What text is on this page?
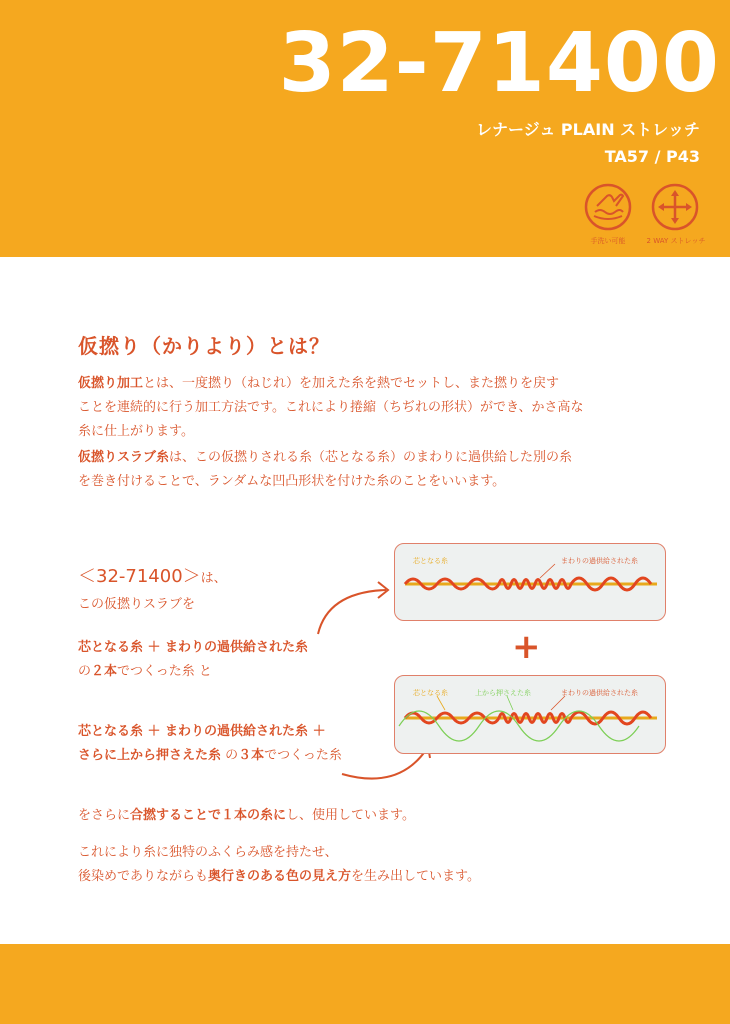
32-71400
レナージュ PLAIN ストレッチ
TA57 / P43
手洗い可能	2 WAY ストレッチ
仮撚り（かりより）とは？
仮撚り加工とは、一度撚り（ねじれ）を加えた糸を熱でセットし、また撚りを戻す
ことを連続的に行う加工方法です。これにより捲縮（ちぢれの形状）ができ、かさ高な
糸に仕上がります。
仮撚りスラブ糸は、この仮撚りされる糸（芯となる糸）のまわりに過供給した別の糸
を巻き付けることで、ランダムな凹凸形状を付けた糸のことをいいます。
＜32-71400＞は、
この仮撚りスラブを
芯となる糸 ＋ まわりの過供給された糸
の２本でつくった糸 と
芯となる糸 ＋ まわりの過供給された糸 ＋
さらに上から押さえた糸 の３本でつくった糸
をさらに合撚することで１本の糸にし、使用しています。
これにより糸に独特のふくらみ感を持たせ、
後染めでありながらも奥行きのある色の見え方を生み出しています。
芯となる糸	まわりの過供給された糸
+
芯となる糸	上から押さえた糸	まわりの過供給された糸
